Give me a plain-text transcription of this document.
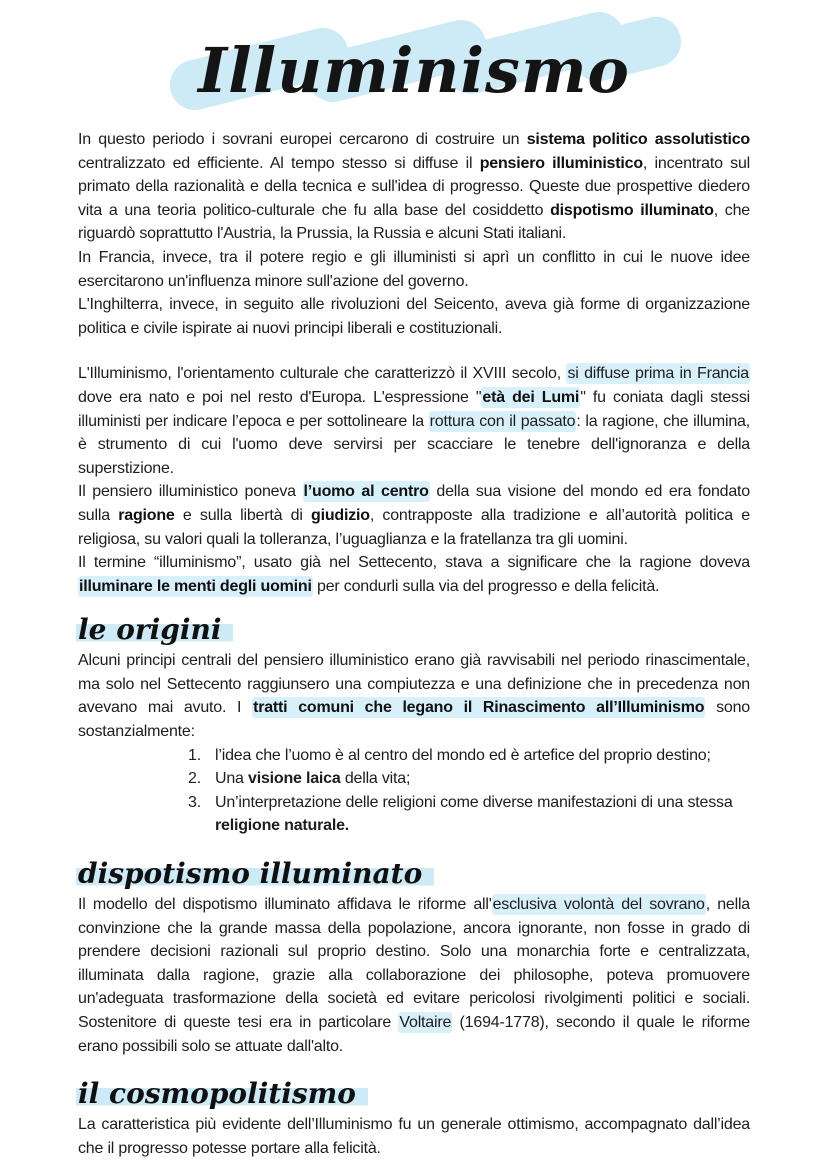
Illuminismo

In questo periodo i sovrani europei cercarono di costruire un sistema politico assolutistico centralizzato ed efficiente. Al tempo stesso si diffuse il pensiero illuministico, incentrato sul primato della razionalità e della tecnica e sull'idea di progresso. Queste due prospettive diedero vita a una teoria politico-culturale che fu alla base del cosiddetto dispotismo illuminato, che riguardò soprattutto l'Austria, la Prussia, la Russia e alcuni Stati italiani.

In Francia, invece, tra il potere regio e gli illuministi si aprì un conflitto in cui le nuove idee esercitarono un'influenza minore sull'azione del governo.

L'Inghilterra, invece, in seguito alle rivoluzioni del Seicento, aveva già forme di organizzazione politica e civile ispirate ai nuovi principi liberali e costituzionali.

L'Illuminismo, l'orientamento culturale che caratterizzò il XVIII secolo, si diffuse prima in Francia dove era nato e poi nel resto d'Europa. L'espressione "età dei Lumi" fu coniata dagli stessi illuministi per indicare l’epoca e per sottolineare la rottura con il passato: la ragione, che illumina, è strumento di cui l'uomo deve servirsi per scacciare le tenebre dell'ignoranza e della superstizione.

Il pensiero illuministico poneva l’uomo al centro della sua visione del mondo ed era fondato sulla ragione e sulla libertà di giudizio, contrapposte alla tradizione e all’autorità politica e religiosa, su valori quali la tolleranza, l’uguaglianza e la fratellanza tra gli uomini.

Il termine “illuminismo”, usato già nel Settecento, stava a significare che la ragione doveva illuminare le menti degli uomini per condurli sulla via del progresso e della felicità.

le origini

Alcuni principi centrali del pensiero illuministico erano già ravvisabili nel periodo rinascimentale, ma solo nel Settecento raggiunsero una compiutezza e una definizione che in precedenza non avevano mai avuto. I tratti comuni che legano il Rinascimento all’Illuminismo sono sostanzialmente:

1. l’idea che l’uomo è al centro del mondo ed è artefice del proprio destino;
2. Una visione laica della vita;
3. Un’interpretazione delle religioni come diverse manifestazioni di una stessa religione naturale.
dispotismo illuminato

Il modello del dispotismo illuminato affidava le riforme all'esclusiva volontà del sovrano, nella convinzione che la grande massa della popolazione, ancora ignorante, non fosse in grado di prendere decisioni razionali sul proprio destino. Solo una monarchia forte e centralizzata, illuminata dalla ragione, grazie alla collaborazione dei philosophe, poteva promuovere un'adeguata trasformazione della società ed evitare pericolosi rivolgimenti politici e sociali. Sostenitore di queste tesi era in particolare Voltaire (1694-1778), secondo il quale le riforme erano possibili solo se attuate dall'alto.

il cosmopolitismo

La caratteristica più evidente dell’Illuminismo fu un generale ottimismo, accompagnato dall’idea che il progresso potesse portare alla felicità.
